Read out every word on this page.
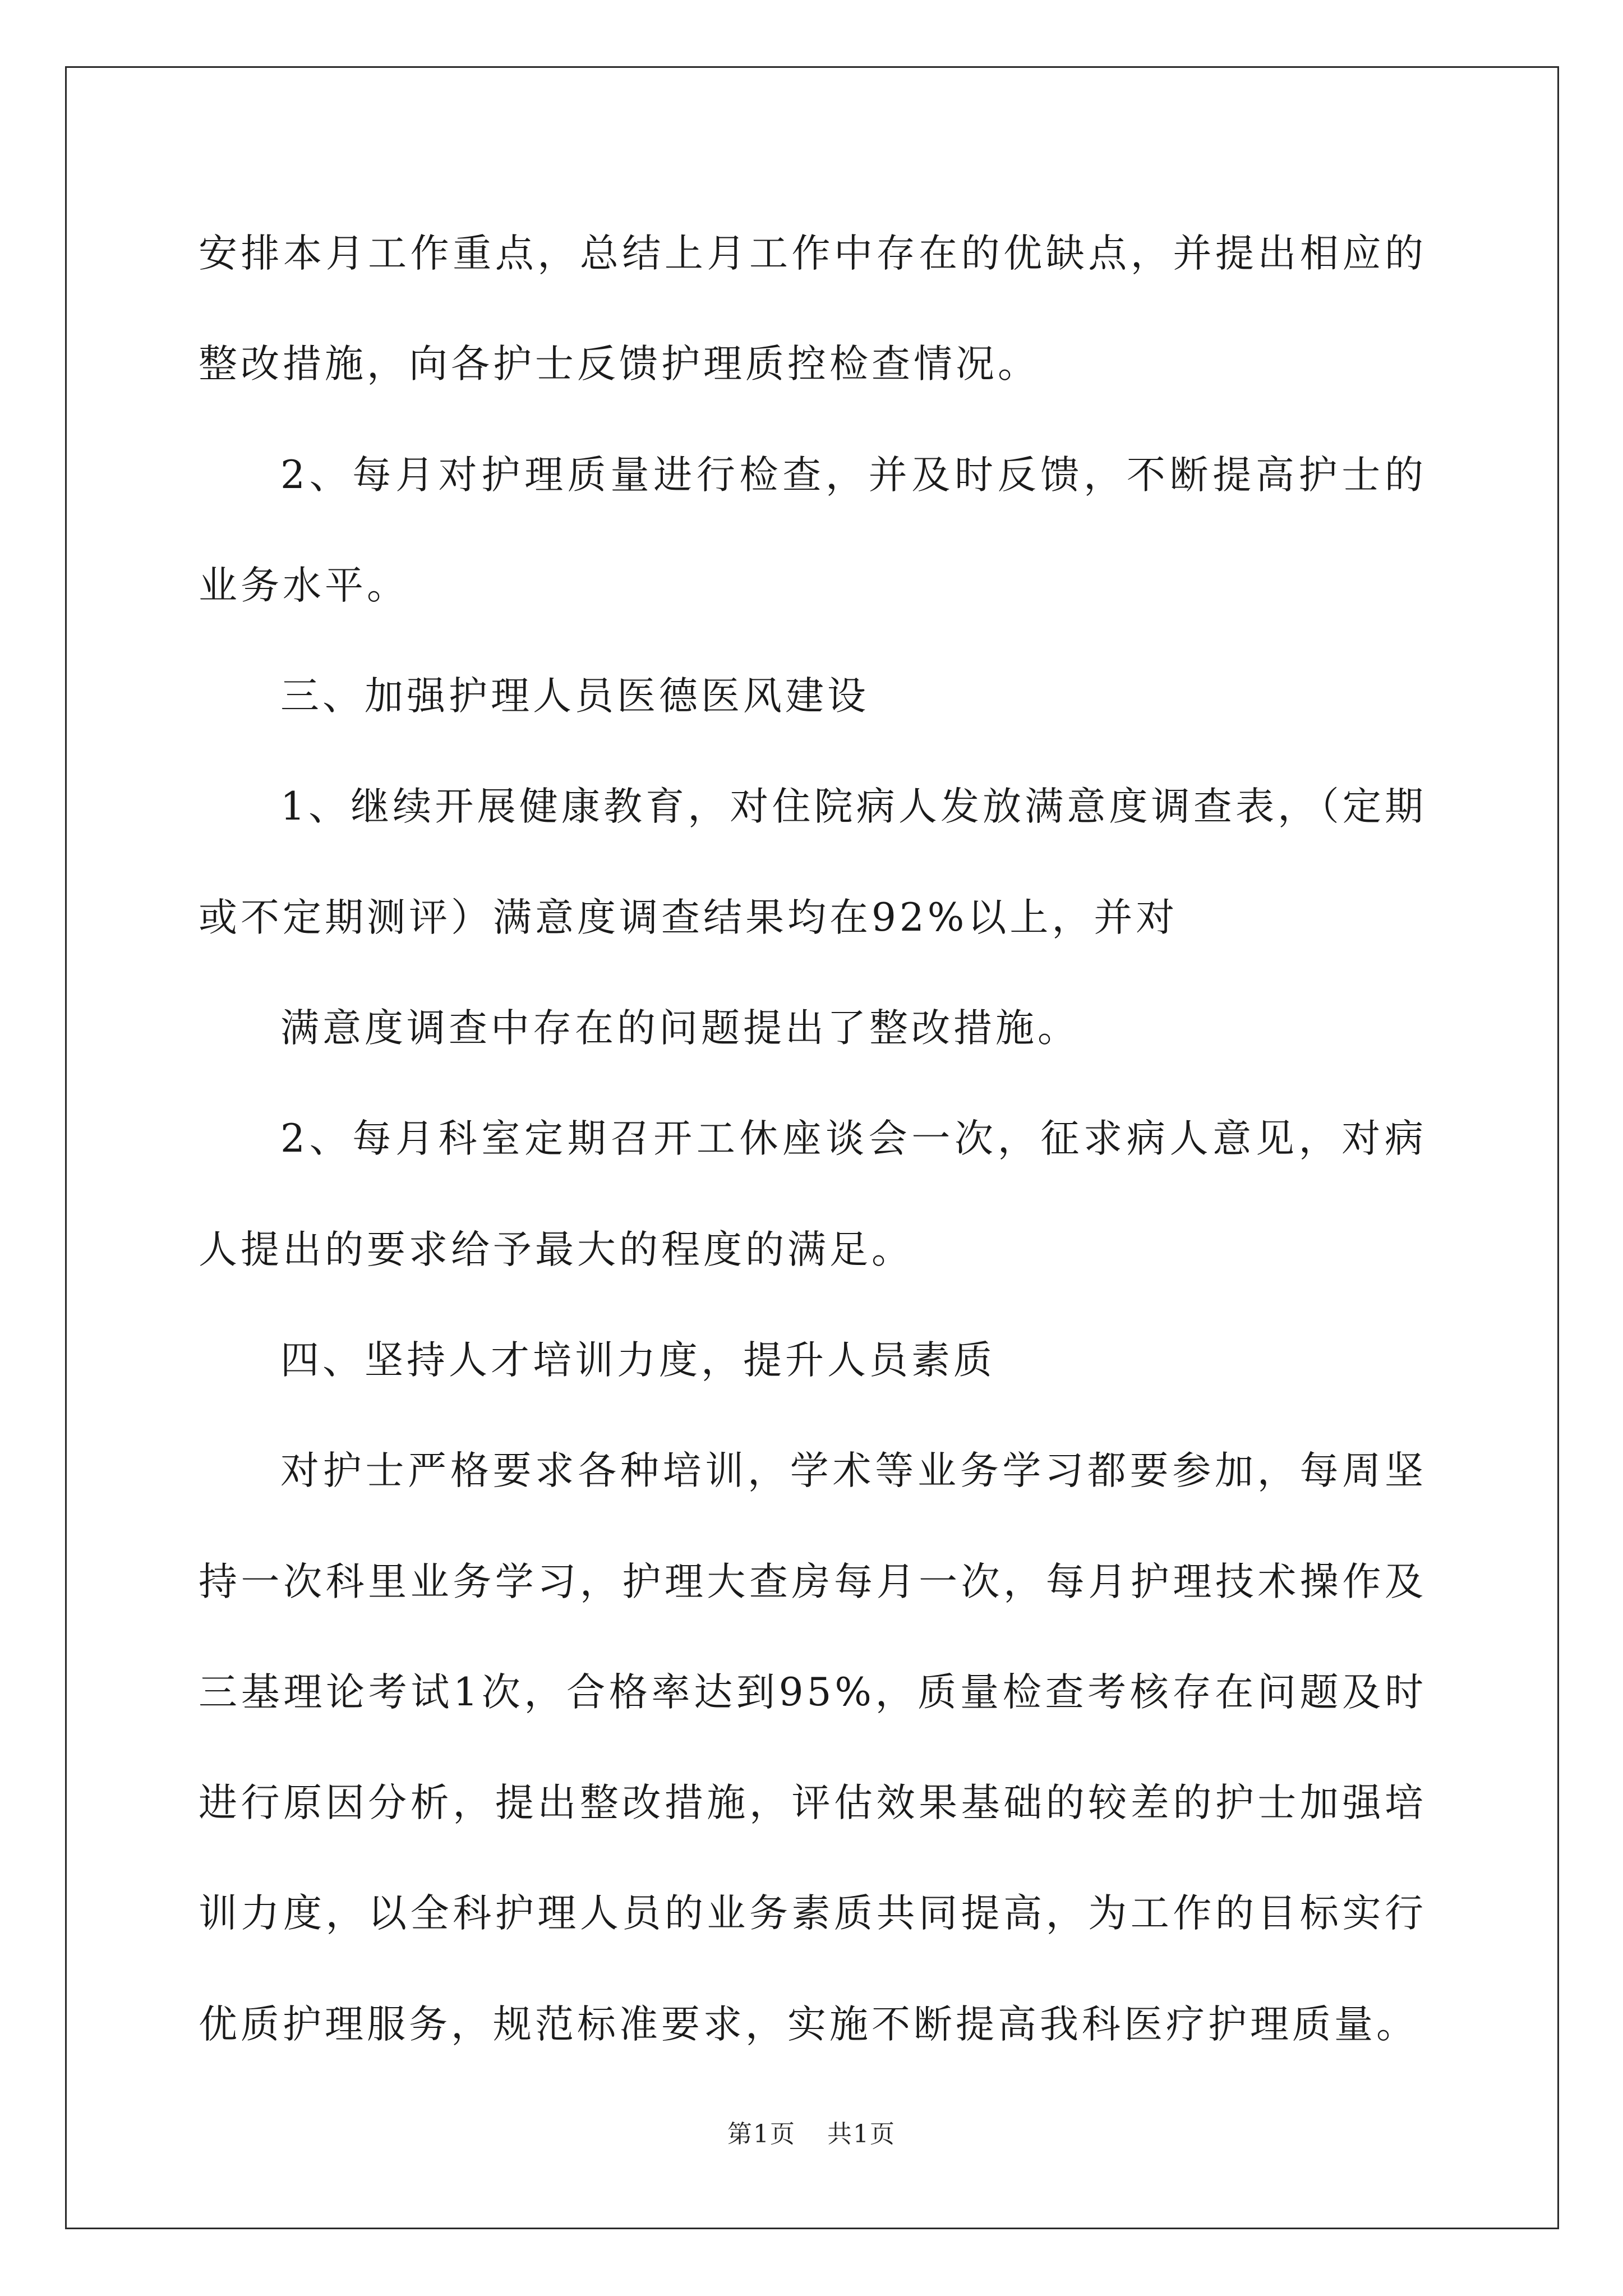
安排本月工作重点，总结上月工作中存在的优缺点，并提出相应的整改措施，向各护士反馈护理质控检查情况。

2、每月对护理质量进行检查，并及时反馈，不断提高护士的业务水平。

三、加强护理人员医德医风建设

1、继续开展健康教育，对住院病人发放满意度调查表，（定期或不定期测评）满意度调查结果均在92%以上，并对

满意度调查中存在的问题提出了整改措施。

2、每月科室定期召开工休座谈会一次，征求病人意见，对病人提出的要求给予最大的程度的满足。

四、坚持人才培训力度，提升人员素质

对护士严格要求各种培训，学术等业务学习都要参加，每周坚持一次科里业务学习，护理大查房每月一次，每月护理技术操作及三基理论考试1次，合格率达到95%，质量检查考核存在问题及时进行原因分析，提出整改措施，评估效果基础的较差的护士加强培训力度，以全科护理人员的业务素质共同提高，为工作的目标实行优质护理服务，规范标准要求，实施不断提高我科医疗护理质量。

第1页 共1页
